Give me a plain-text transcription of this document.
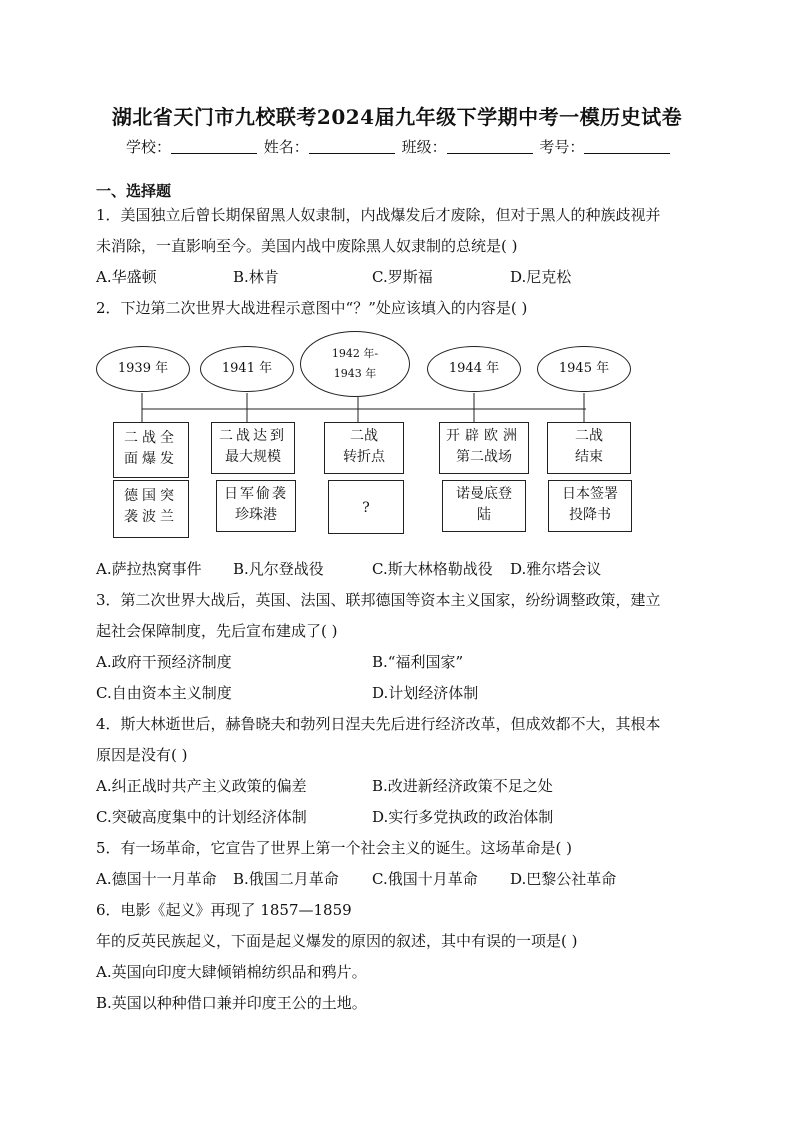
湖北省天门市九校联考2024届九年级下学期中考一模历史试卷
学校：	姓名：	班级：	考号：
一、选择题
1．美国独立后曾长期保留黑人奴隶制，内战爆发后才废除，但对于黑人的种族歧视并
未消除，一直影响至今。美国内战中废除黑人奴隶制的总统是( )
A.华盛顿	B.林肯	C.罗斯福	D.尼克松
2．下边第二次世界大战进程示意图中“？”处应该填入的内容是( )
1939 年	1941 年
1942 年-
1943 年	1944 年	1945 年
二战全
面爆发
二战达到
最大规模
二战
转折点
开辟欧洲
第二战场
二战
结束
德国突
袭波兰
日军偷袭
珍珠港	?
诺曼底登
陆
日本签署
投降书
A.萨拉热窝事件 B.凡尔登战役	C.斯大林格勒战役 D.雅尔塔会议
3．第二次世界大战后，英国、法国、联邦德国等资本主义国家，纷纷调整政策，建立
起社会保障制度，先后宣布建成了( )
A.政府干预经济制度	B.“福利国家”
C.自由资本主义制度	D.计划经济体制
4．斯大林逝世后，赫鲁晓夫和勃列日涅夫先后进行经济改革，但成效都不大，其根本
原因是没有( )
A.纠正战时共产主义政策的偏差	B.改进新经济政策不足之处
C.突破高度集中的计划经济体制	D.实行多党执政的政治体制
5．有一场革命，它宣告了世界上第一个社会主义的诞生。这场革命是( )
A.德国十一月革命 B.俄国二月革命 C.俄国十月革命 D.巴黎公社革命
6．电影《起义》再现了 1857—1859
年的反英民族起义，下面是起义爆发的原因的叙述，其中有误的一项是( )
A.英国向印度大肆倾销棉纺织品和鸦片。
B.英国以种种借口兼并印度王公的土地。
